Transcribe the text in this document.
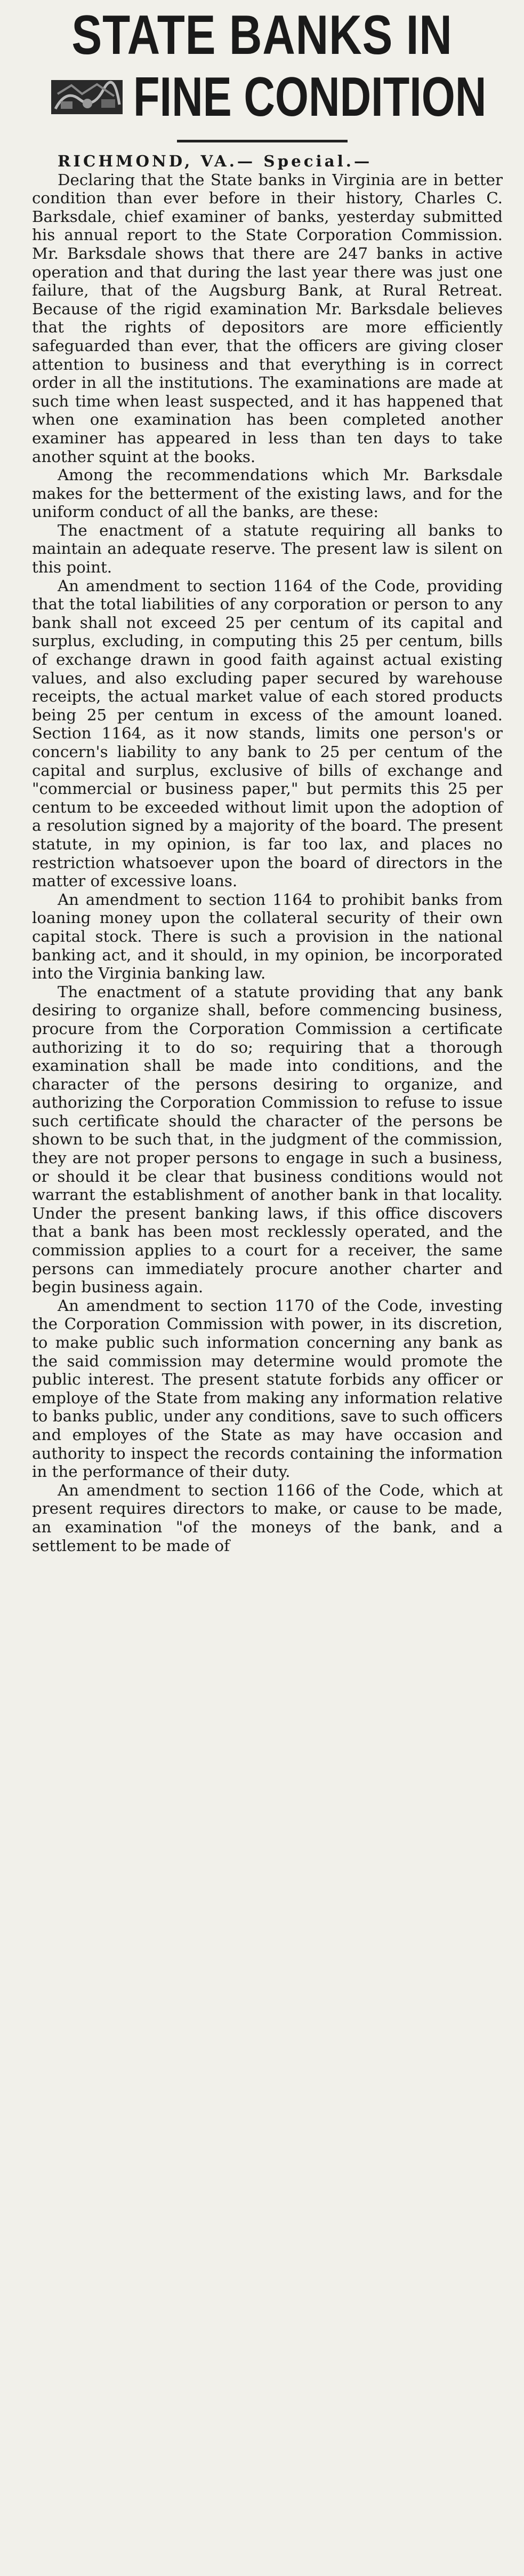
STATE BANKS IN
FINE CONDITION

RICHMOND, VA.— Special.—

Declaring that the State banks in Virginia are in better condition than ever before in their history, Charles C. Barksdale, chief examiner of banks, yesterday submitted his annual report to the State Corporation Commission. Mr. Barksdale shows that there are 247 banks in active operation and that during the last year there was just one failure, that of the Augsburg Bank, at Rural Retreat. Because of the rigid examination Mr. Barksdale believes that the rights of depositors are more efficiently safeguarded than ever, that the officers are giving closer attention to business and that everything is in correct order in all the institutions. The examinations are made at such time when least suspected, and it has happened that when one examination has been completed another examiner has appeared in less than ten days to take another squint at the books.

Among the recommendations which Mr. Barksdale makes for the betterment of the existing laws, and for the uniform conduct of all the banks, are these:

The enactment of a statute requiring all banks to maintain an adequate reserve. The present law is silent on this point.

An amendment to section 1164 of the Code, providing that the total liabilities of any corporation or person to any bank shall not exceed 25 per centum of its capital and surplus, excluding, in computing this 25 per centum, bills of exchange drawn in good faith against actual existing values, and also excluding paper secured by warehouse receipts, the actual market value of each stored products being 25 per centum in excess of the amount loaned. Section 1164, as it now stands, limits one person's or concern's liability to any bank to 25 per centum of the capital and surplus, exclusive of bills of exchange and "commercial or business paper," but permits this 25 per centum to be exceeded without limit upon the adoption of a resolution signed by a majority of the board. The present statute, in my opinion, is far too lax, and places no restriction whatsoever upon the board of directors in the matter of excessive loans.

An amendment to section 1164 to prohibit banks from loaning money upon the collateral security of their own capital stock. There is such a provision in the national banking act, and it should, in my opinion, be incorporated into the Virginia banking law.

The enactment of a statute providing that any bank desiring to organize shall, before commencing business, procure from the Corporation Commission a certificate authorizing it to do so; requiring that a thorough examination shall be made into conditions, and the character of the persons desiring to organize, and authorizing the Corporation Commission to refuse to issue such certificate should the character of the persons be shown to be such that, in the judgment of the commission, they are not proper persons to engage in such a business, or should it be clear that business conditions would not warrant the establishment of another bank in that locality. Under the present banking laws, if this office discovers that a bank has been most recklessly operated, and the commission applies to a court for a receiver, the same persons can immediately procure another charter and begin business again.

An amendment to section 1170 of the Code, investing the Corporation Commission with power, in its discretion, to make public such information concerning any bank as the said commission may determine would promote the public interest. The present statute forbids any officer or employe of the State from making any information relative to banks public, under any conditions, save to such officers and employes of the State as may have occasion and authority to inspect the records containing the information in the performance of their duty.

An amendment to section 1166 of the Code, which at present requires directors to make, or cause to be made, an examination "of the moneys of the bank, and a settlement to be made of
